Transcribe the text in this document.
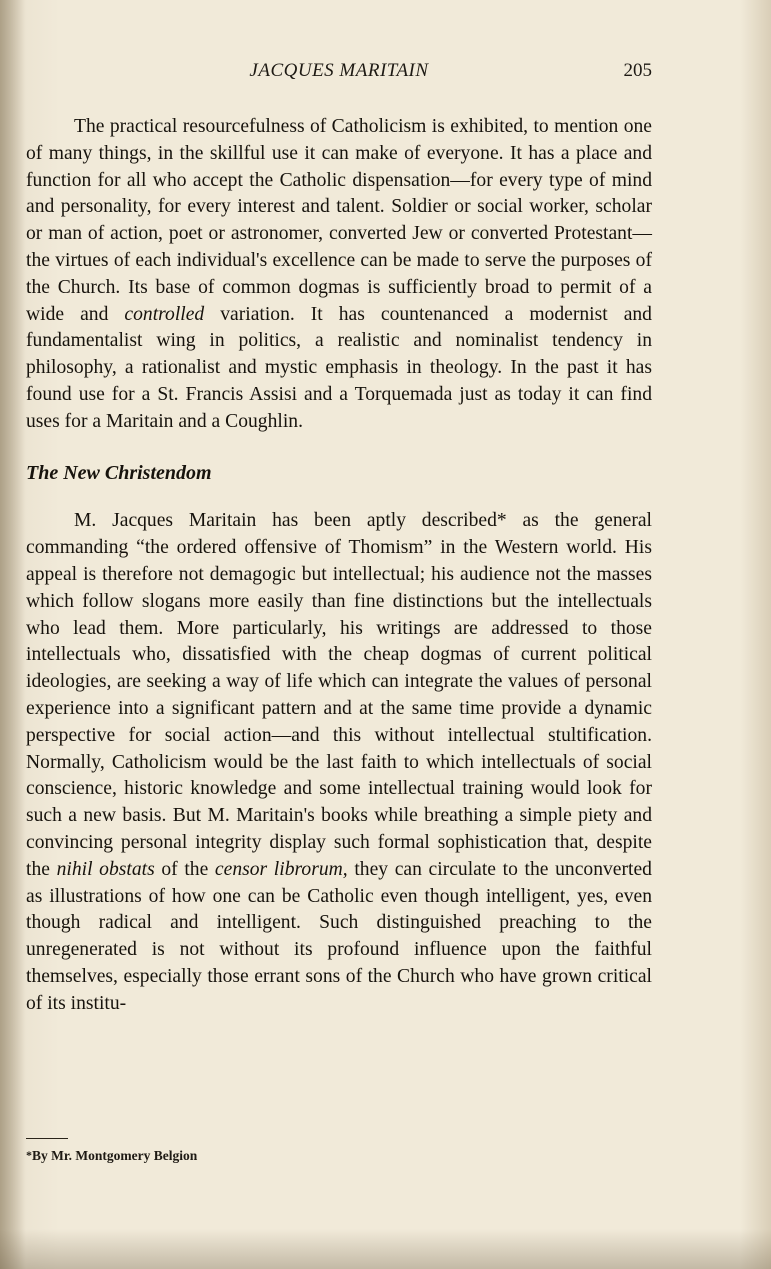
JACQUES MARITAIN	205

The practical resourcefulness of Catholicism is exhibited, to mention one of many things, in the skillful use it can make of everyone. It has a place and function for all who accept the Catholic dispensation—for every type of mind and personality, for every interest and talent. Soldier or social worker, scholar or man of action, poet or astronomer, converted Jew or converted Protestant—the virtues of each individual's excellence can be made to serve the purposes of the Church. Its base of common dogmas is sufficiently broad to permit of a wide and controlled variation. It has countenanced a modernist and fundamentalist wing in politics, a realistic and nominalist tendency in philosophy, a rationalist and mystic emphasis in theology. In the past it has found use for a St. Francis Assisi and a Torquemada just as today it can find uses for a Maritain and a Coughlin.

The New Christendom

M. Jacques Maritain has been aptly described* as the general commanding “the ordered offensive of Thomism” in the Western world. His appeal is therefore not demagogic but intellectual; his audience not the masses which follow slogans more easily than fine distinctions but the intellectuals who lead them. More particularly, his writings are addressed to those intellectuals who, dissatisfied with the cheap dogmas of current political ideologies, are seeking a way of life which can integrate the values of personal experience into a significant pattern and at the same time provide a dynamic perspective for social action—and this without intellectual stultification. Normally, Catholicism would be the last faith to which intellectuals of social conscience, historic knowledge and some intellectual training would look for such a new basis. But M. Maritain's books while breathing a simple piety and convincing personal integrity display such formal sophistication that, despite the nihil obstats of the censor librorum, they can circulate to the unconverted as illustrations of how one can be Catholic even though intelligent, yes, even though radical and intelligent. Such distinguished preaching to the unregenerated is not without its profound influence upon the faithful themselves, especially those errant sons of the Church who have grown critical of its institu-

*By Mr. Montgomery Belgion
